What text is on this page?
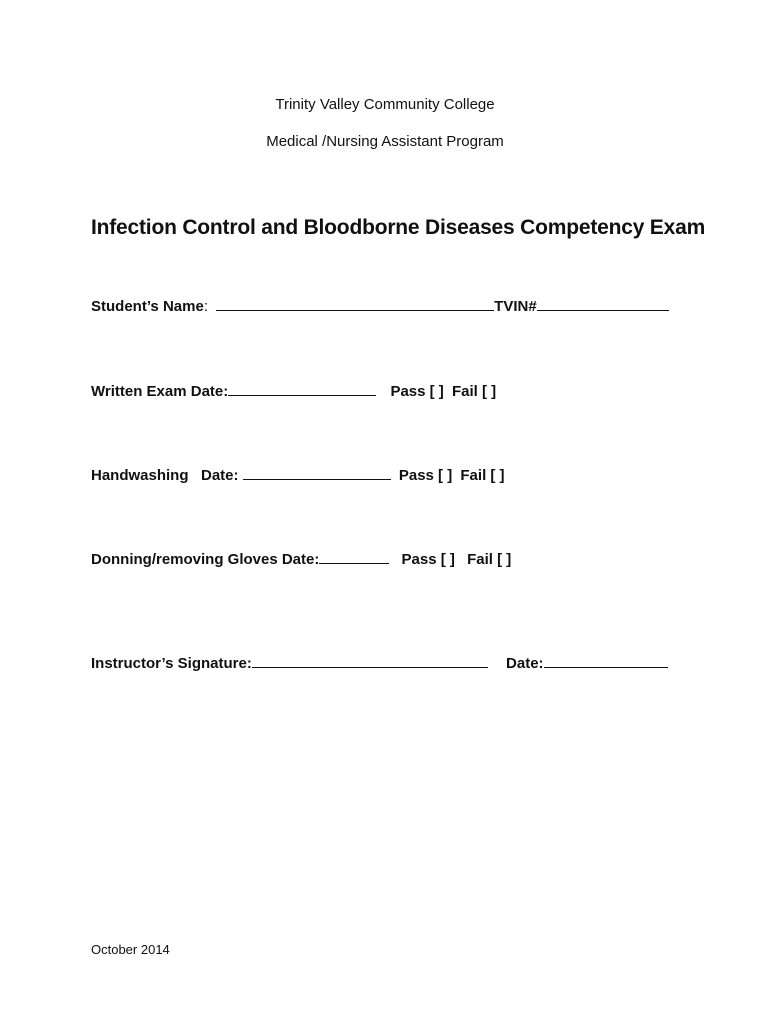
Trinity Valley Community College
Medical /Nursing Assistant Program
Infection Control and Bloodborne Diseases Competency Exam
Student’s Name:	TVIN#
Written Exam Date:	Pass [ ] Fail [ ]
Handwashing   Date:	Pass [ ] Fail [ ]
Donning/removing Gloves Date:	Pass [ ] Fail [ ]
Instructor’s Signature:	Date:
October 2014
